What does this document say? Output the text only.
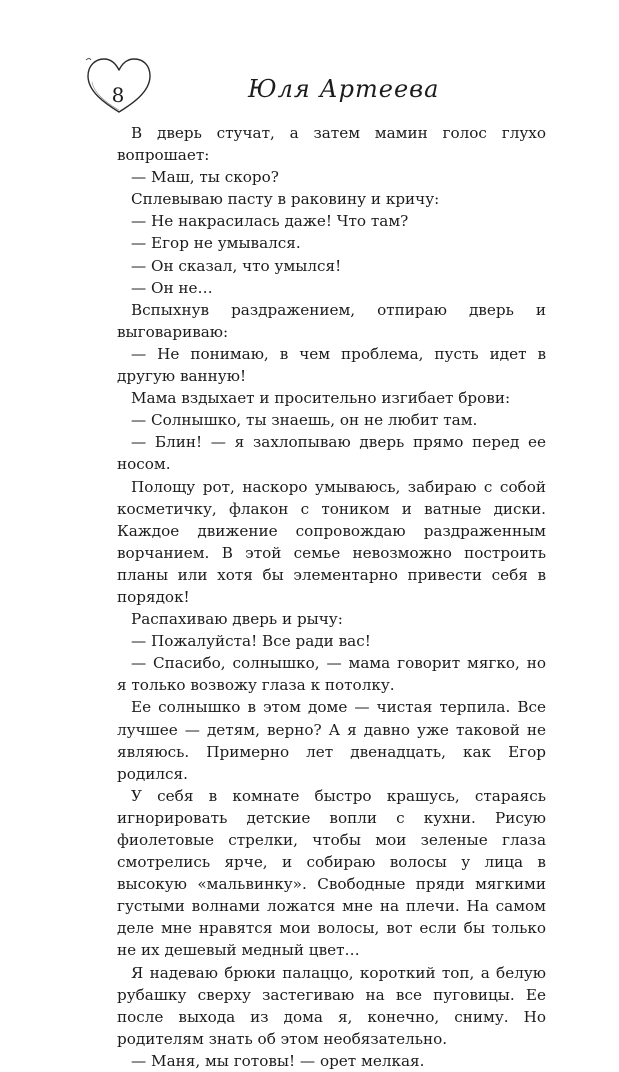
8	Юля Артеева

В дверь стучат, а затем мамин голос глухо вопрошает:

— Маш, ты скоро?

Сплевываю пасту в раковину и кричу:

— Не накрасилась даже! Что там?

— Егор не умывался.

— Он сказал, что умылся!

— Он не…

Вспыхнув раздражением, отпираю дверь и выговариваю:

— Не понимаю, в чем проблема, пусть идет в другую ванную!

Мама вздыхает и просительно изгибает брови:

— Солнышко, ты знаешь, он не любит там.

— Блин! — я захлопываю дверь прямо перед ее носом.

Полощу рот, наскоро умываюсь, забираю с собой косметичку, флакон с тоником и ватные диски. Каждое движение сопровождаю раздраженным ворчанием. В этой семье невозможно построить планы или хотя бы элементарно привести себя в порядок!

Распахиваю дверь и рычу:

— Пожалуйста! Все ради вас!

— Спасибо, солнышко, — мама говорит мягко, но я только возвожу глаза к потолку.

Ее солнышко в этом доме — чистая терпила. Все лучшее — детям, верно? А я давно уже таковой не являюсь. Примерно лет двенадцать, как Егор родился.

У себя в комнате быстро крашусь, стараясь игнорировать детские вопли с кухни. Рисую фиолетовые стрелки, чтобы мои зеленые глаза смотрелись ярче, и собираю волосы у лица в высокую «мальвинку». Свободные пряди мягкими густыми волнами ложатся мне на плечи. На самом деле мне нравятся мои волосы, вот если бы только не их дешевый медный цвет…

Я надеваю брюки палаццо, короткий топ, а белую рубашку сверху застегиваю на все пуговицы. Ее после выхода из дома я, конечно, сниму. Но родителям знать об этом необязательно.

— Маня, мы готовы! — орет мелкая.
